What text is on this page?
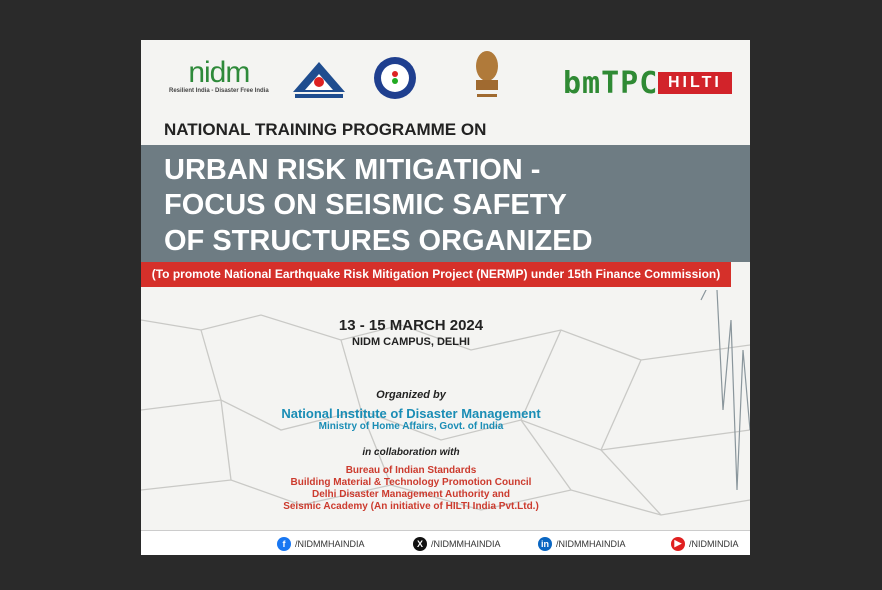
nidm
Resilient India - Disaster Free India	bmTPC HILTI
NATIONAL TRAINING PROGRAMME ON
URBAN RISK MITIGATION -
FOCUS ON SEISMIC SAFETY
OF STRUCTURES ORGANIZED
(To promote National Earthquake Risk Mitigation Project (NERMP) under 15th Finance Commission)
13 - 15 MARCH 2024
NIDM CAMPUS, DELHI
Organized by
National Institute of Disaster Management
Ministry of Home Affairs, Govt. of India
in collaboration with
Bureau of Indian Standards
Building Material & Technology Promotion Council
Delhi Disaster Management Authority and
Seismic Academy (An initiative of HILTI India Pvt.Ltd.)
f	/NIDMMHAINDIA	X /NIDMMHAINDIA	in /NIDMMHAINDIA	▶ /NIDMINDIA
